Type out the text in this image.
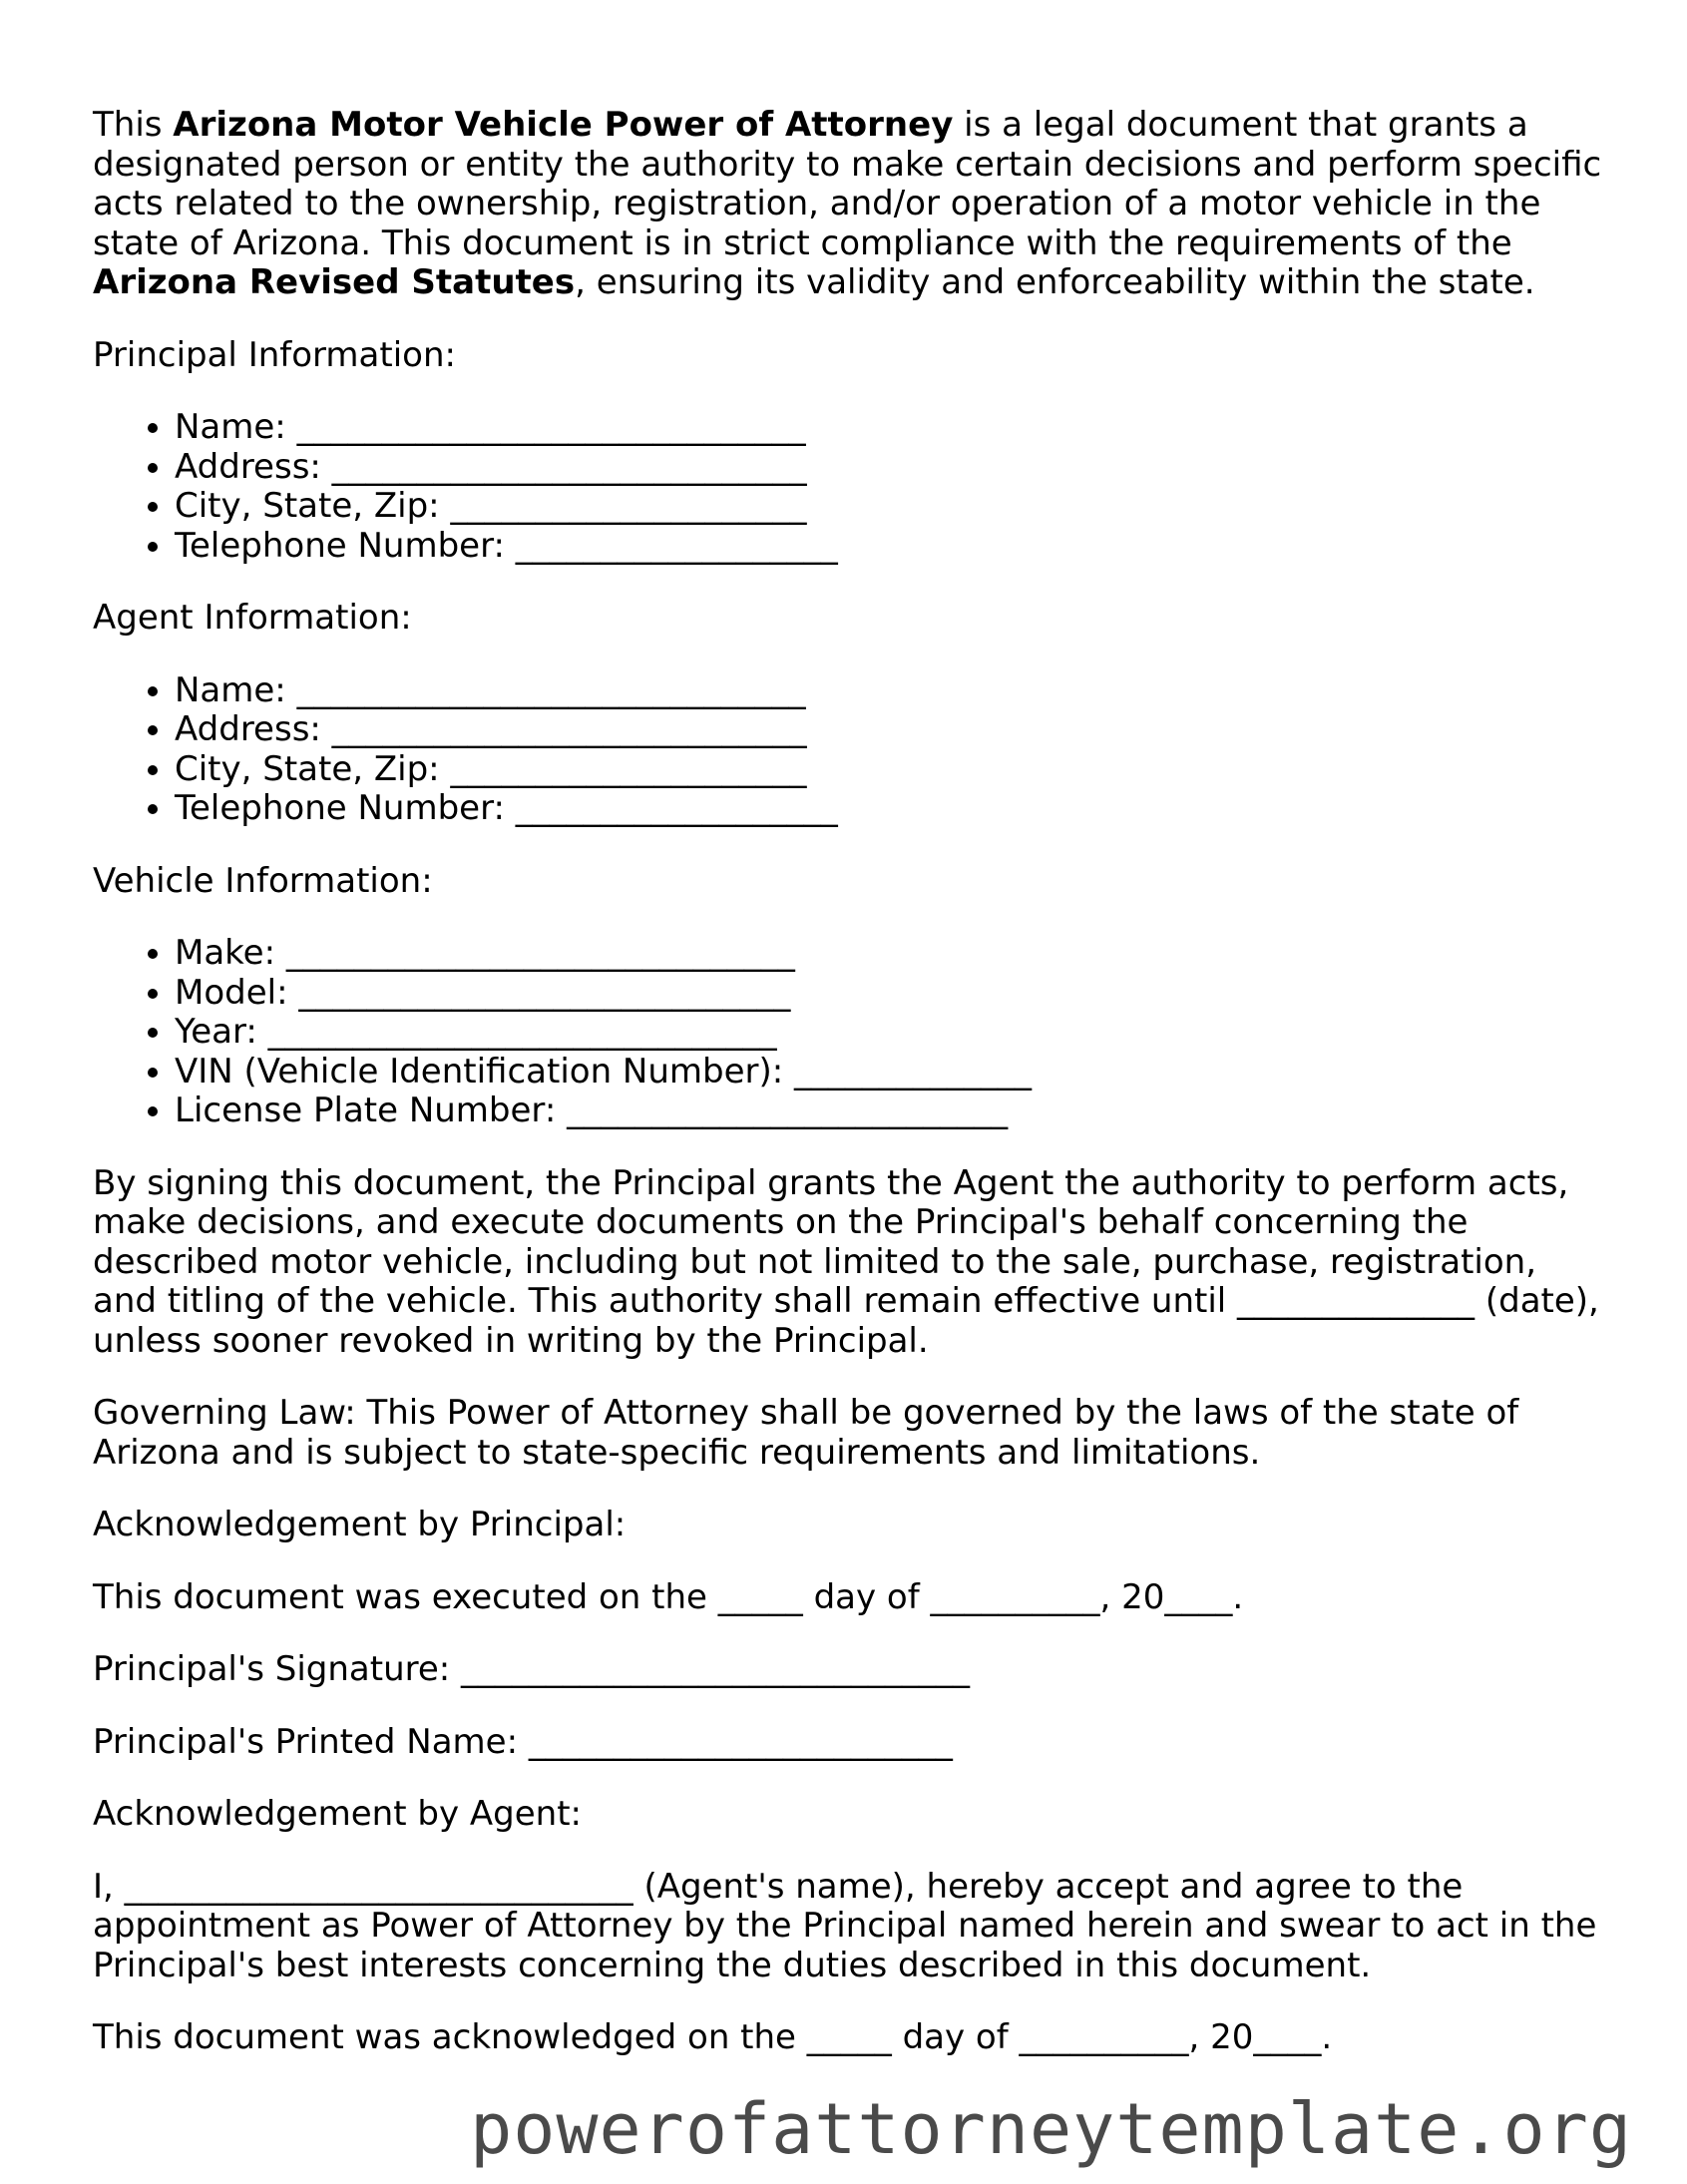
This Arizona Motor Vehicle Power of Attorney is a legal document that grants a designated person or entity the authority to make certain decisions and perform specific acts related to the ownership, registration, and/or operation of a motor vehicle in the state of Arizona. This document is in strict compliance with the requirements of the Arizona Revised Statutes, ensuring its validity and enforceability within the state.

Principal Information:

• Name: ______________________________
• Address: ____________________________
• City, State, Zip: _____________________
• Telephone Number: ___________________

Agent Information:

• Name: ______________________________
• Address: ____________________________
• City, State, Zip: _____________________
• Telephone Number: ___________________

Vehicle Information:

• Make: ______________________________
• Model: _____________________________
• Year: ______________________________
• VIN (Vehicle Identification Number): ______________
• License Plate Number: __________________________

By signing this document, the Principal grants the Agent the authority to perform acts, make decisions, and execute documents on the Principal's behalf concerning the described motor vehicle, including but not limited to the sale, purchase, registration, and titling of the vehicle. This authority shall remain effective until ______________ (date), unless sooner revoked in writing by the Principal.

Governing Law: This Power of Attorney shall be governed by the laws of the state of Arizona and is subject to state-specific requirements and limitations.

Acknowledgement by Principal:

This document was executed on the _____ day of __________, 20____.

Principal's Signature: ______________________________

Principal's Printed Name: _________________________

Acknowledgement by Agent:

I, ______________________________ (Agent's name), hereby accept and agree to the appointment as Power of Attorney by the Principal named herein and swear to act in the Principal's best interests concerning the duties described in this document.

This document was acknowledged on the _____ day of __________, 20____.

powerofattorneytemplate.org
